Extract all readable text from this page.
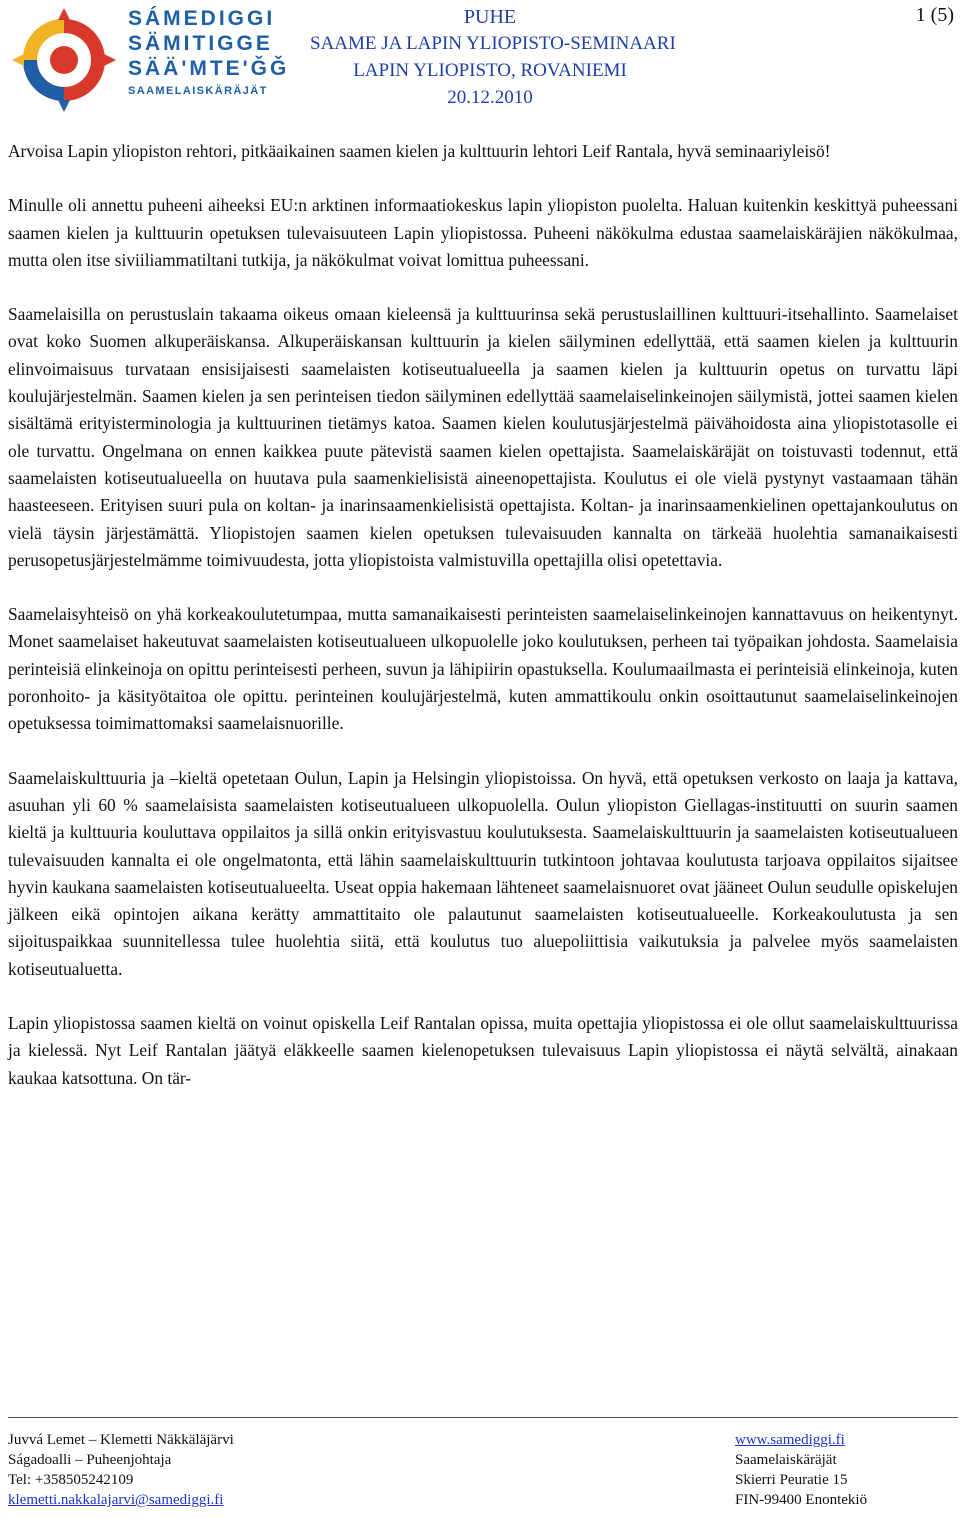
SÁMEDIGGI
SÄMITIGGE
SÄÄ'MTE'ǦǦ
SAAMELAISKÄRÄJÄT
PUHE
SAAME JA LAPIN YLIOPISTO-SEMINAARI
LAPIN YLIOPISTO, ROVANIEMI
20.12.2010
1 (5)

Arvoisa Lapin yliopiston rehtori, pitkäaikainen saamen kielen ja kulttuurin lehtori Leif Rantala, hyvä seminaariyleisö!

Minulle oli annettu puheeni aiheeksi EU:n arktinen informaatiokeskus lapin yliopiston puolelta. Haluan kuitenkin keskittyä puheessani saamen kielen ja kulttuurin opetuksen tulevaisuuteen Lapin yliopistossa. Puheeni näkökulma edustaa saamelaiskäräjien näkökulmaa, mutta olen itse siviiliammatiltani tutkija, ja näkökulmat voivat lomittua puheessani.

Saamelaisilla on perustuslain takaama oikeus omaan kieleensä ja kulttuurinsa sekä perustuslaillinen kulttuuri-itsehallinto. Saamelaiset ovat koko Suomen alkuperäiskansa. Alkuperäiskansan kulttuurin ja kielen säilyminen edellyttää, että saamen kielen ja kulttuurin elinvoimaisuus turvataan ensisijaisesti saamelaisten kotiseutualueella ja saamen kielen ja kulttuurin opetus on turvattu läpi koulujärjestelmän. Saamen kielen ja sen perinteisen tiedon säilyminen edellyttää saamelaiselinkeinojen säilymistä, jottei saamen kielen sisältämä erityisterminologia ja kulttuurinen tietämys katoa. Saamen kielen koulutusjärjestelmä päivähoidosta aina yliopistotasolle ei ole turvattu. Ongelmana on ennen kaikkea puute pätevistä saamen kielen opettajista. Saamelaiskäräjät on toistuvasti todennut, että saamelaisten kotiseutualueella on huutava pula saamenkielisistä aineenopettajista. Koulutus ei ole vielä pystynyt vastaamaan tähän haasteeseen. Erityisen suuri pula on koltan- ja inarinsaamenkielisistä opettajista. Koltan- ja inarinsaamenkielinen opettajankoulutus on vielä täysin järjestämättä. Yliopistojen saamen kielen opetuksen tulevaisuuden kannalta on tärkeää huolehtia samanaikaisesti perusopetusjärjestelmämme toimivuudesta, jotta yliopistoista valmistuvilla opettajilla olisi opetettavia.

Saamelaisyhteisö on yhä korkeakoulutetumpaa, mutta samanaikaisesti perinteisten saamelaiselinkeinojen kannattavuus on heikentynyt. Monet saamelaiset hakeutuvat saamelaisten kotiseutualueen ulkopuolelle joko koulutuksen, perheen tai työpaikan johdosta. Saamelaisia perinteisiä elinkeinoja on opittu perinteisesti perheen, suvun ja lähipiirin opastuksella. Koulumaailmasta ei perinteisiä elinkeinoja, kuten poronhoito- ja käsityötaitoa ole opittu. perinteinen koulujärjestelmä, kuten ammattikoulu onkin osoittautunut saamelaiselinkeinojen opetuksessa toimimattomaksi saamelaisnuorille.

Saamelaiskulttuuria ja –kieltä opetetaan Oulun, Lapin ja Helsingin yliopistoissa. On hyvä, että opetuksen verkosto on laaja ja kattava, asuuhan yli 60 % saamelaisista saamelaisten kotiseutualueen ulkopuolella. Oulun yliopiston Giellagas-instituutti on suurin saamen kieltä ja kulttuuria kouluttava oppilaitos ja sillä onkin erityisvastuu koulutuksesta. Saamelaiskulttuurin ja saamelaisten kotiseutualueen tulevaisuuden kannalta ei ole ongelmatonta, että lähin saamelaiskulttuurin tutkintoon johtavaa koulutusta tarjoava oppilaitos sijaitsee hyvin kaukana saamelaisten kotiseutualueelta. Useat oppia hakemaan lähteneet saamelaisnuoret ovat jääneet Oulun seudulle opiskelujen jälkeen eikä opintojen aikana kerätty ammattitaito ole palautunut saamelaisten kotiseutualueelle. Korkeakoulutusta ja sen sijoituspaikkaa suunnitellessa tulee huolehtia siitä, että koulutus tuo aluepoliittisia vaikutuksia ja palvelee myös saamelaisten kotiseutualuetta.

Lapin yliopistossa saamen kieltä on voinut opiskella Leif Rantalan opissa, muita opettajia yliopistossa ei ole ollut saamelaiskulttuurissa ja kielessä. Nyt Leif Rantalan jäätyä eläkkeelle saamen kielenopetuksen tulevaisuus Lapin yliopistossa ei näytä selvältä, ainakaan kaukaa katsottuna. On tär-

Juvvá Lemet – Klemetti Näkkäläjärvi
Ságadoalli – Puheenjohtaja
Tel: +358505242109
klemetti.nakkalajarvi@samediggi.fi
www.samediggi.fi
Saamelaiskäräjät
Skierri Peuratie 15
FIN-99400 Enontekiö
